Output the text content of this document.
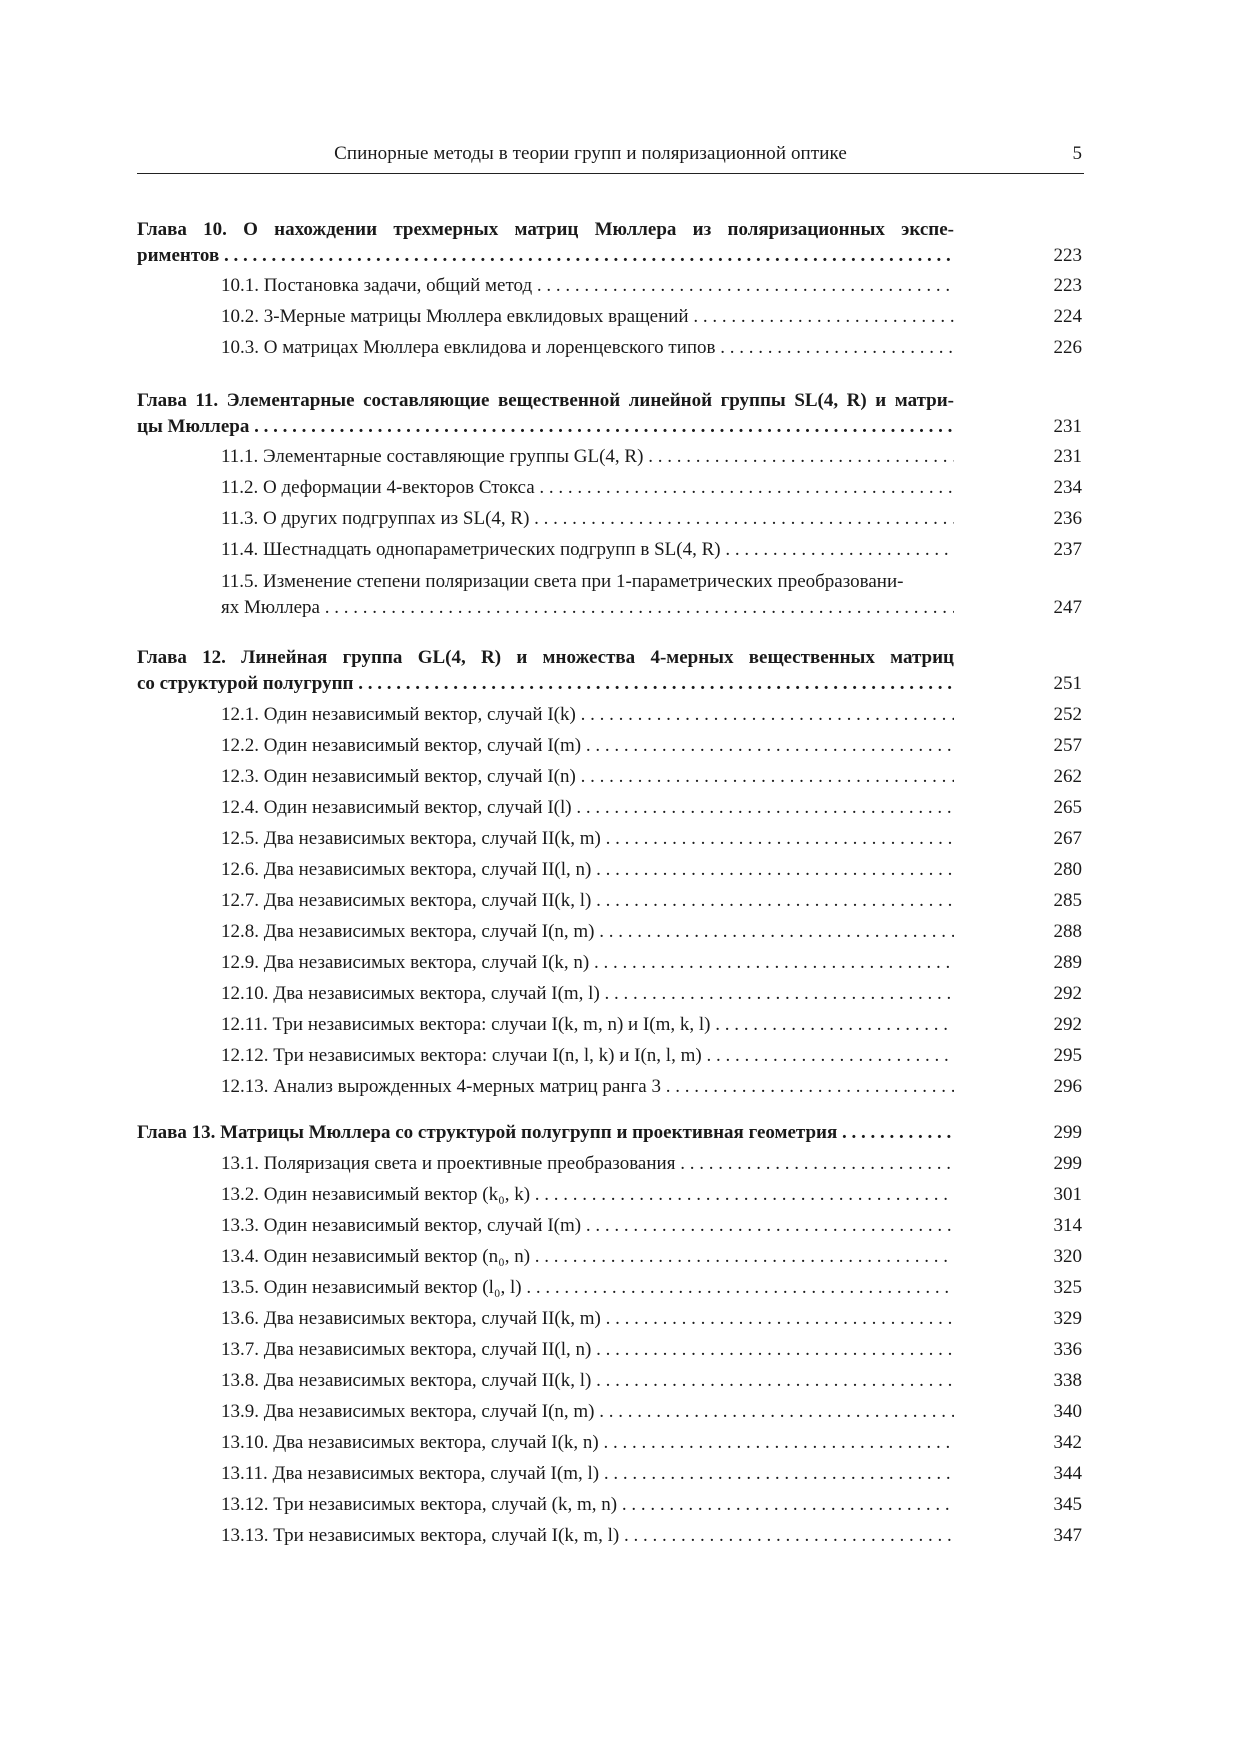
Спинорные методы в теории групп и поляризационной оптике	5
Глава 10. О нахождении трехмерных матриц Мюллера из поляризационных экспе-
риментов . . .	223
10.1. Постановка задачи, общий метод . . .	223
10.2. 3-Мерные матрицы Мюллера евклидовых вращений . . .	224
10.3. О матрицах Мюллера евклидова и лоренцевского типов . . .	226
Глава 11. Элементарные составляющие вещественной линейной группы SL(4, R) и матри-
цы Мюллера . . .	231
11.1. Элементарные составляющие группы GL(4, R) . . .	231
11.2. О деформации 4-векторов Стокса . . .	234
11.3. О других подгруппах из SL(4, R) . . .	236
11.4. Шестнадцать однопараметрических подгрупп в SL(4, R) . . .	237
11.5. Изменение степени поляризации света при 1-параметрических преобразовани-
ях Мюллера . . .	247
Глава 12. Линейная группа GL(4, R) и множества 4-мерных вещественных матриц
со структурой полугрупп . . .	251
12.1. Один независимый вектор, случай I(k) . . .	252
12.2. Один независимый вектор, случай I(m) . . .	257
12.3. Один независимый вектор, случай I(n) . . .	262
12.4. Один независимый вектор, случай I(l) . . .	265
12.5. Два независимых вектора, случай II(k, m) . . .	267
12.6. Два независимых вектора, случай II(l, n) . . .	280
12.7. Два независимых вектора, случай II(k, l) . . .	285
12.8. Два независимых вектора, случай I(n, m) . . .	288
12.9. Два независимых вектора, случай I(k, n) . . .	289
12.10. Два независимых вектора, случай I(m, l) . . .	292
12.11. Три независимых вектора: случаи I(k, m, n) и I(m, k, l) . . .	292
12.12. Три независимых вектора: случаи I(n, l, k) и I(n, l, m) . . .	295
12.13. Анализ вырожденных 4-мерных матриц ранга 3 . . .	296
Глава 13. Матрицы Мюллера со структурой полугрупп и проективная геометрия . . .	299
13.1. Поляризация света и проективные преобразования . . .	299
13.2. Один независимый вектор (k₀, k) . . .	301
13.3. Один независимый вектор, случай I(m) . . .	314
13.4. Один независимый вектор (n₀, n) . . .	320
13.5. Один независимый вектор (l₀, l) . . .	325
13.6. Два независимых вектора, случай II(k, m) . . .	329
13.7. Два независимых вектора, случай II(l, n) . . .	336
13.8. Два независимых вектора, случай II(k, l) . . .	338
13.9. Два независимых вектора, случай I(n, m) . . .	340
13.10. Два независимых вектора, случай I(k, n) . . .	342
13.11. Два независимых вектора, случай I(m, l) . . .	344
13.12. Три независимых вектора, случай (k, m, n) . . .	345
13.13. Три независимых вектора, случай I(k, m, l) . . .	347
